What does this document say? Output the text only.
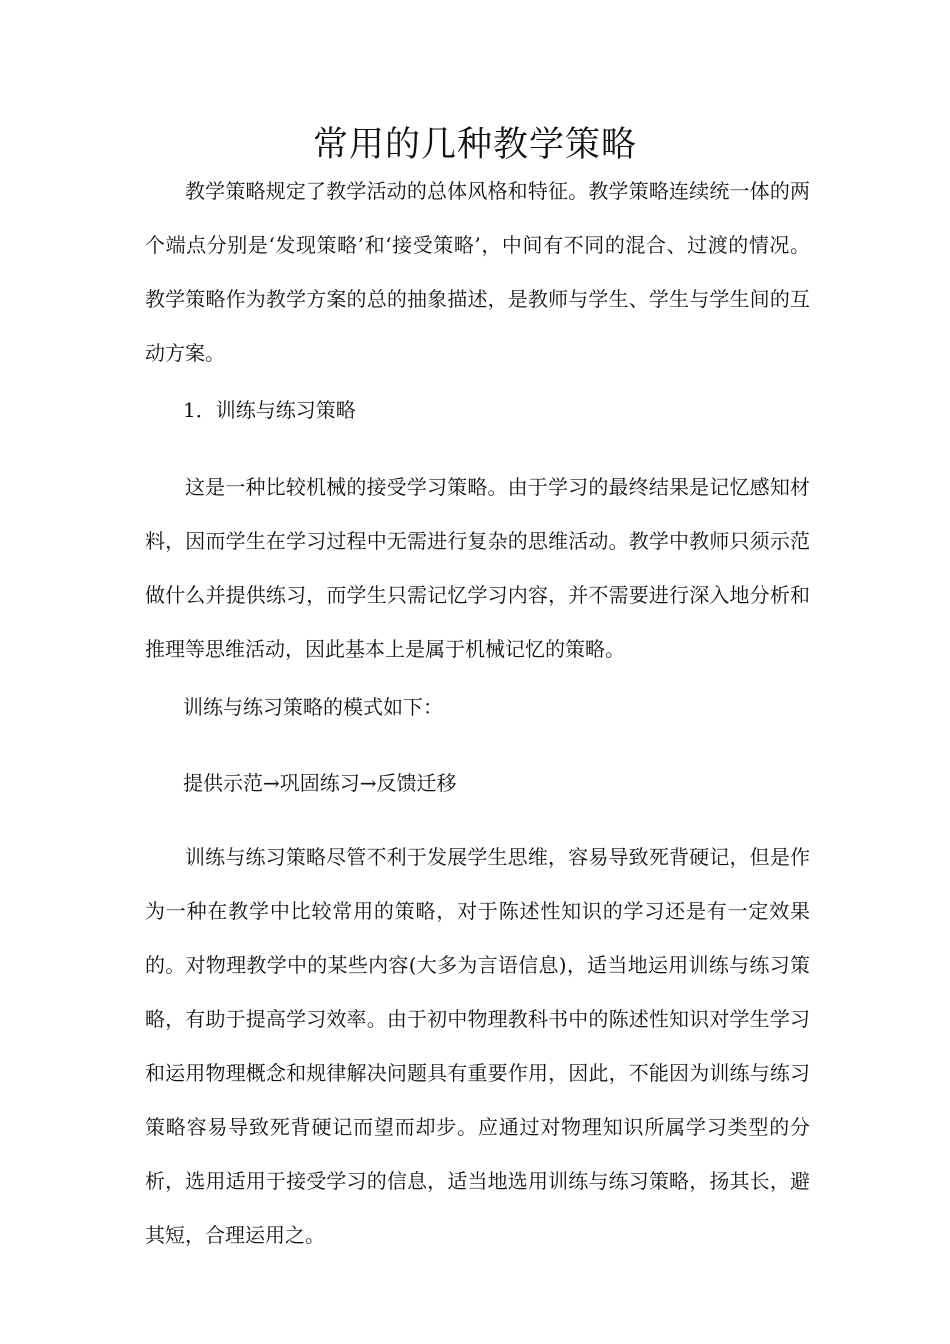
常用的几种教学策略

教学策略规定了教学活动的总体风格和特征。教学策略连续统一体的两个端点分别是‘发现策略’和‘接受策略’，中间有不同的混合、过渡的情况。教学策略作为教学方案的总的抽象描述，是教师与学生、学生与学生间的互动方案。

1．训练与练习策略

这是一种比较机械的接受学习策略。由于学习的最终结果是记忆感知材料，因而学生在学习过程中无需进行复杂的思维活动。教学中教师只须示范做什么并提供练习，而学生只需记忆学习内容，并不需要进行深入地分析和推理等思维活动，因此基本上是属于机械记忆的策略。

训练与练习策略的模式如下：

提供示范→巩固练习→反馈迁移

训练与练习策略尽管不利于发展学生思维，容易导致死背硬记，但是作为一种在教学中比较常用的策略，对于陈述性知识的学习还是有一定效果的。对物理教学中的某些内容(大多为言语信息)，适当地运用训练与练习策略，有助于提高学习效率。由于初中物理教科书中的陈述性知识对学生学习和运用物理概念和规律解决问题具有重要作用，因此，不能因为训练与练习策略容易导致死背硬记而望而却步。应通过对物理知识所属学习类型的分析，选用适用于接受学习的信息，适当地选用训练与练习策略，扬其长，避其短，合理运用之。
